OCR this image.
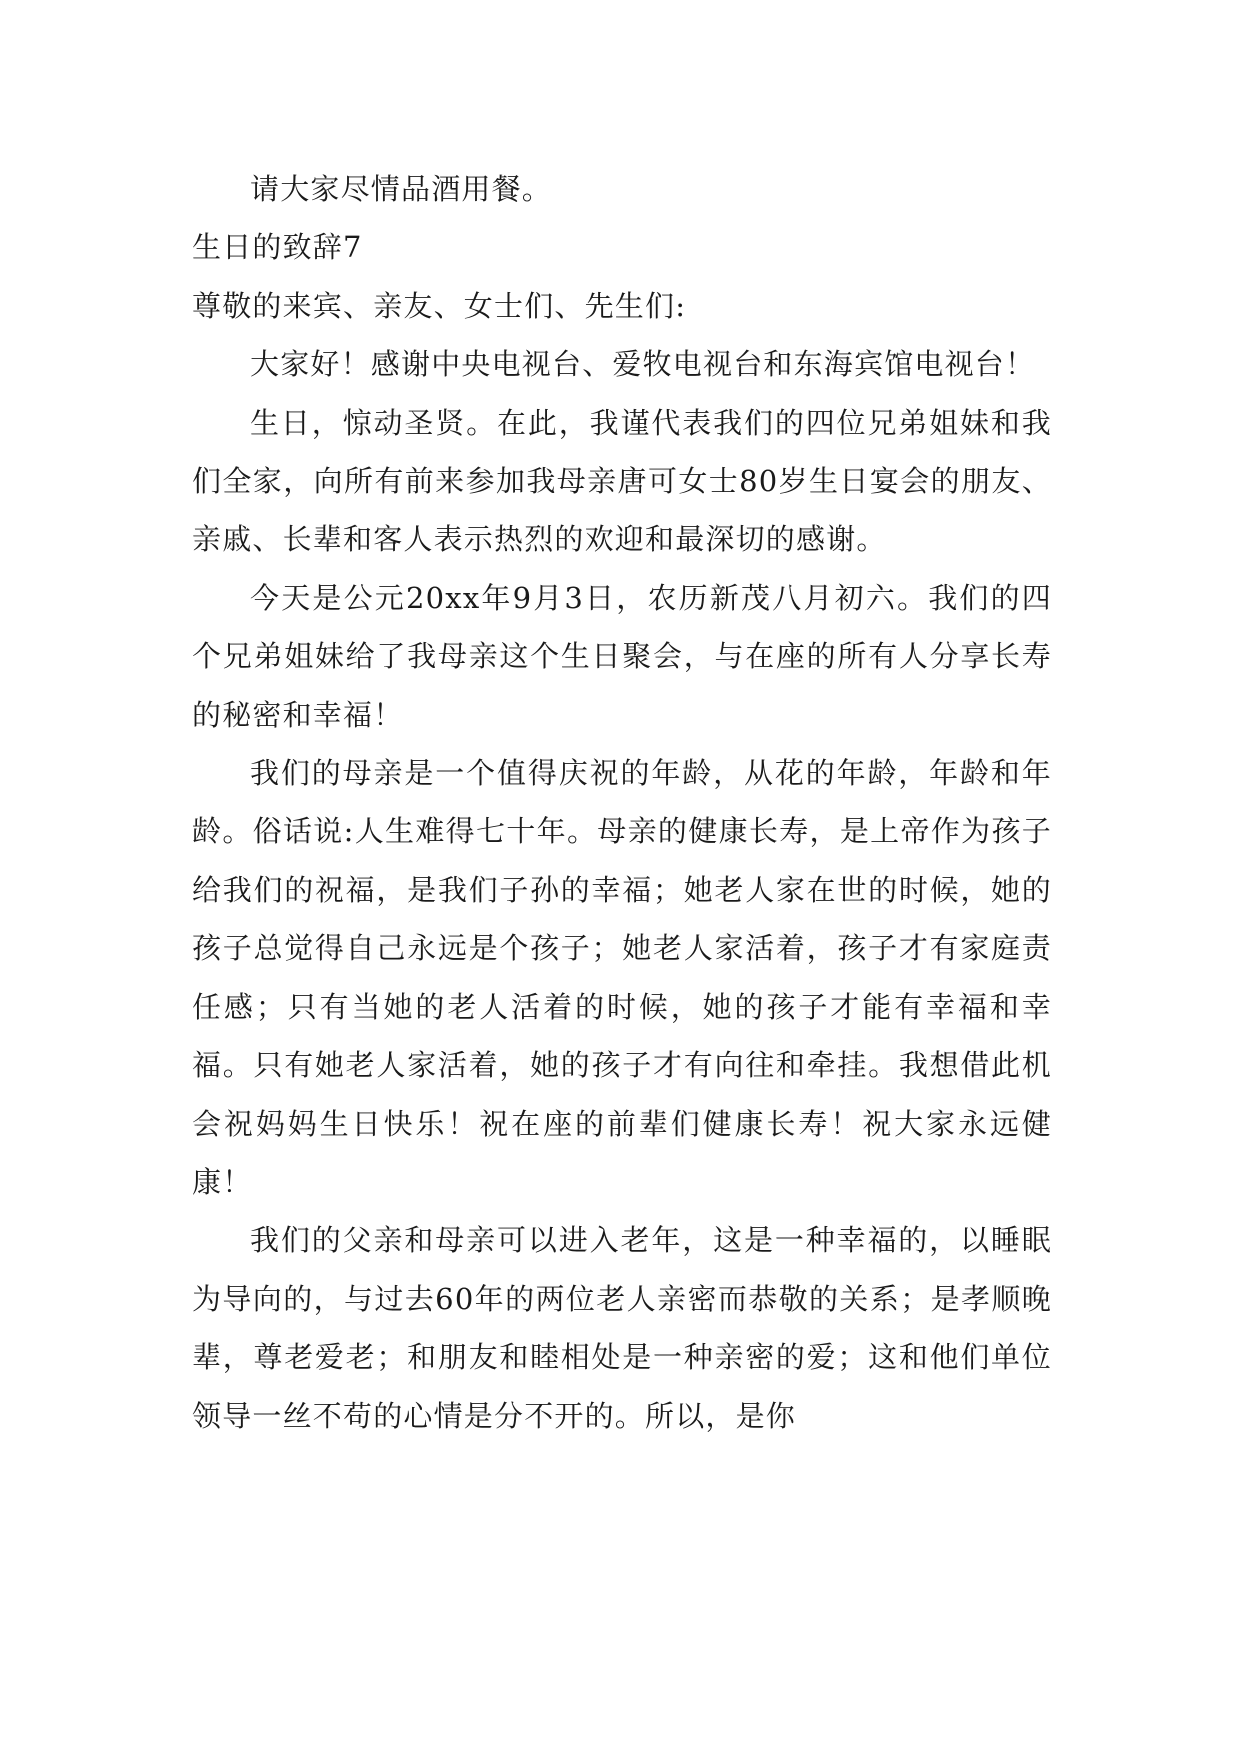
请大家尽情品酒用餐。

生日的致辞7

尊敬的来宾、亲友、女士们、先生们:

大家好！感谢中央电视台、爱牧电视台和东海宾馆电视台！

生日，惊动圣贤。在此，我谨代表我们的四位兄弟姐妹和我们全家，向所有前来参加我母亲唐可女士80岁生日宴会的朋友、亲戚、长辈和客人表示热烈的欢迎和最深切的感谢。

今天是公元20xx年9月3日，农历新茂八月初六。我们的四个兄弟姐妹给了我母亲这个生日聚会，与在座的所有人分享长寿的秘密和幸福！

我们的母亲是一个值得庆祝的年龄，从花的年龄，年龄和年龄。俗话说:人生难得七十年。母亲的健康长寿，是上帝作为孩子给我们的祝福，是我们子孙的幸福；她老人家在世的时候，她的孩子总觉得自己永远是个孩子；她老人家活着，孩子才有家庭责任感；只有当她的老人活着的时候，她的孩子才能有幸福和幸福。只有她老人家活着，她的孩子才有向往和牵挂。我想借此机会祝妈妈生日快乐！祝在座的前辈们健康长寿！祝大家永远健康！

我们的父亲和母亲可以进入老年，这是一种幸福的，以睡眠为导向的，与过去60年的两位老人亲密而恭敬的关系；是孝顺晚辈，尊老爱老；和朋友和睦相处是一种亲密的爱；这和他们单位领导一丝不苟的心情是分不开的。所以，是你
